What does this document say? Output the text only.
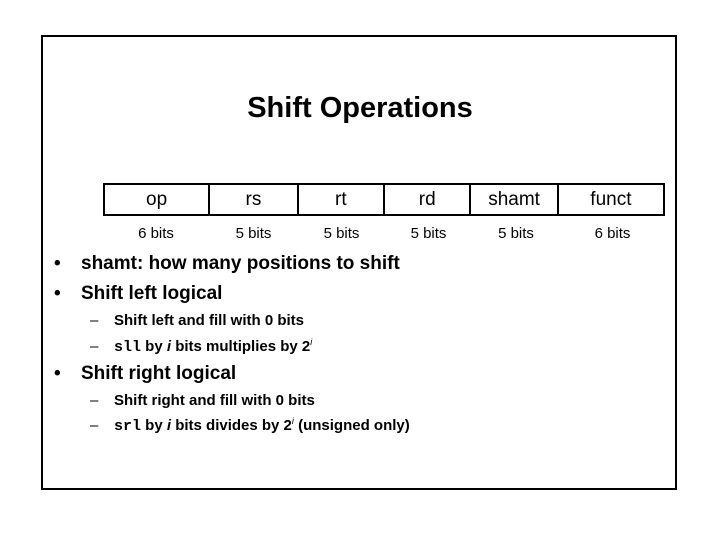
Shift Operations
op	rs	rt	rd	shamt	funct
6 bits	5 bits	5 bits	5 bits	5 bits	6 bits
•	shamt: how many positions to shift
•	Shift left logical
–	Shift left and fill with 0 bits
–	sll by i bits multiplies by 2$^i$
•	Shift right logical
–	Shift right and fill with 0 bits
–	srl by i bits divides by 2$^i$ (unsigned only)
